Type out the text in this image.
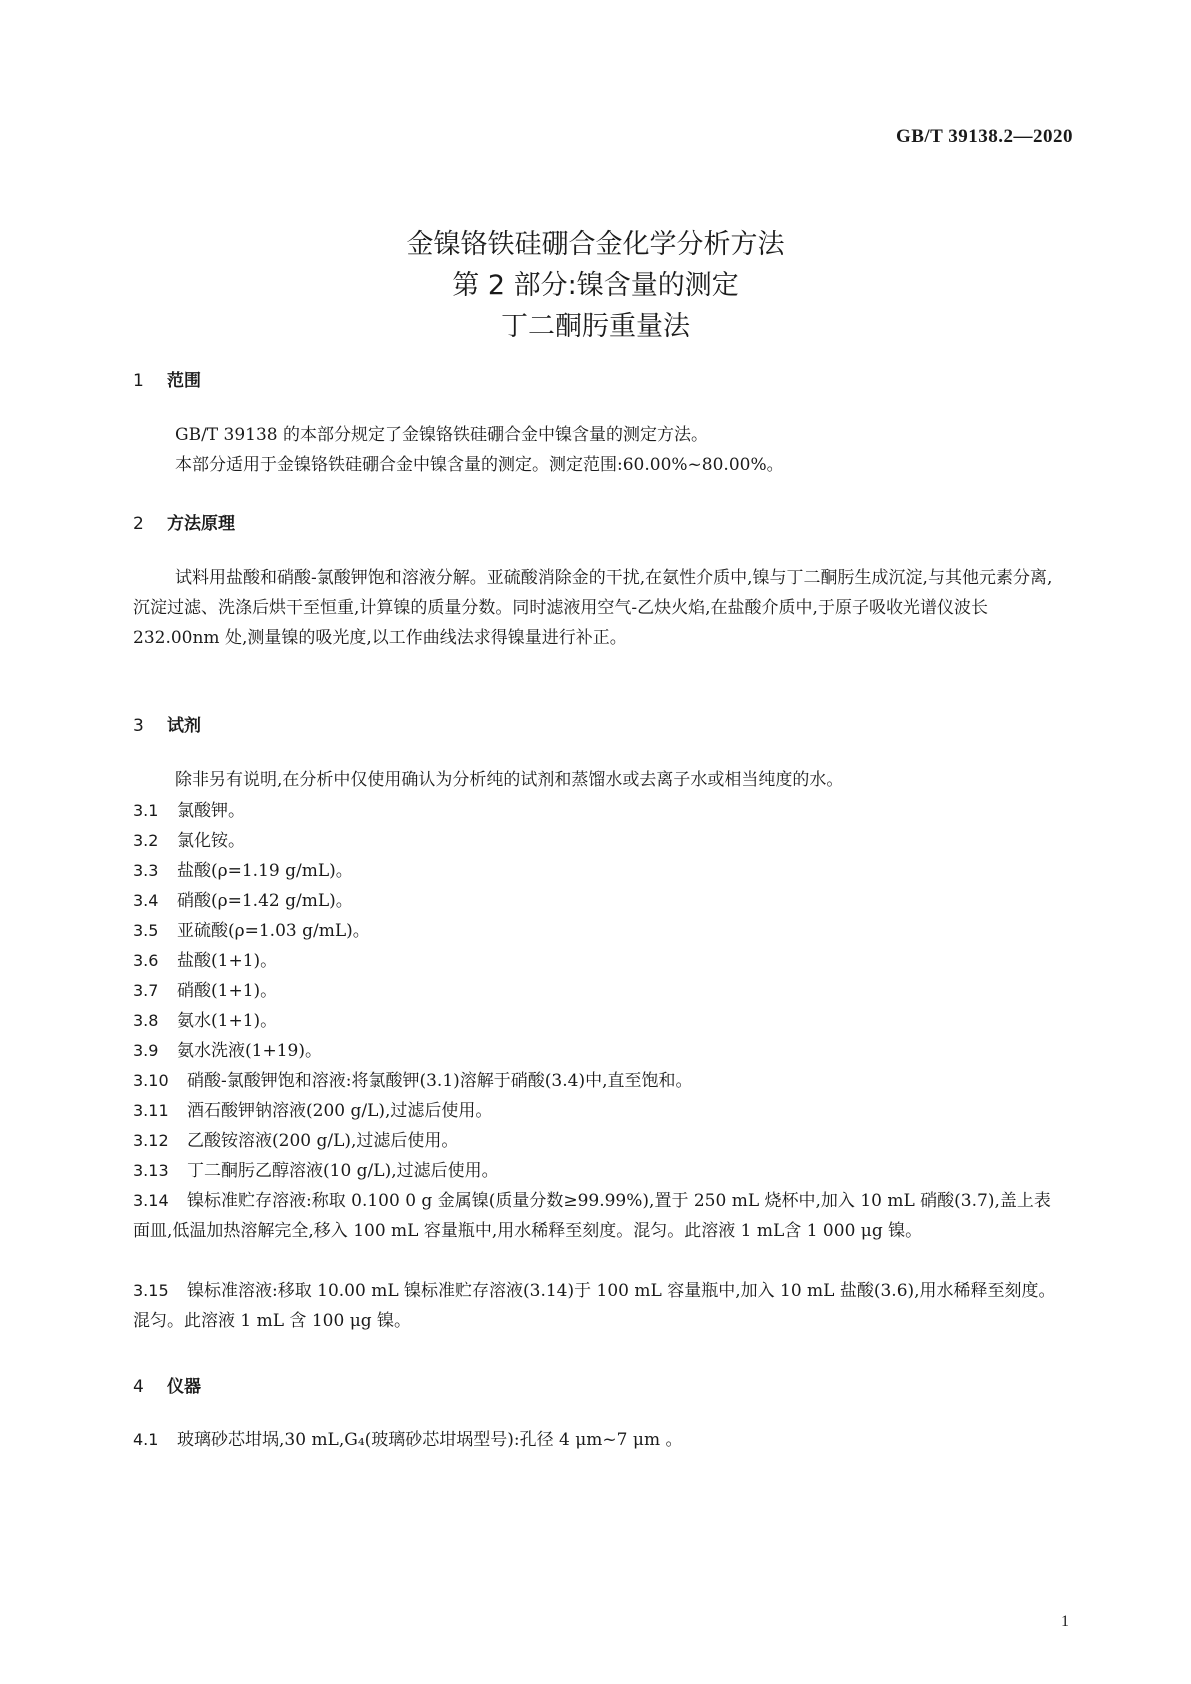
GB/T 39138.2—2020
金镍铬铁硅硼合金化学分析方法
第 2 部分:镍含量的测定
丁二酮肟重量法
1 范围
GB/T 39138 的本部分规定了金镍铬铁硅硼合金中镍含量的测定方法。
本部分适用于金镍铬铁硅硼合金中镍含量的测定。测定范围:60.00%~80.00%。
2 方法原理
试料用盐酸和硝酸-氯酸钾饱和溶液分解。亚硫酸消除金的干扰,在氨性介质中,镍与丁二酮肟生成沉淀,与其他元素分离,沉淀过滤、洗涤后烘干至恒重,计算镍的质量分数。同时滤液用空气-乙炔火焰,在盐酸介质中,于原子吸收光谱仪波长 232.00nm 处,测量镍的吸光度,以工作曲线法求得镍量进行补正。
3 试剂
除非另有说明,在分析中仅使用确认为分析纯的试剂和蒸馏水或去离子水或相当纯度的水。
3.1 氯酸钾。
3.2 氯化铵。
3.3 盐酸(ρ=1.19 g/mL)。
3.4 硝酸(ρ=1.42 g/mL)。
3.5 亚硫酸(ρ=1.03 g/mL)。
3.6 盐酸(1+1)。
3.7 硝酸(1+1)。
3.8 氨水(1+1)。
3.9 氨水洗液(1+19)。
3.10 硝酸-氯酸钾饱和溶液:将氯酸钾(3.1)溶解于硝酸(3.4)中,直至饱和。
3.11 酒石酸钾钠溶液(200 g/L),过滤后使用。
3.12 乙酸铵溶液(200 g/L),过滤后使用。
3.13 丁二酮肟乙醇溶液(10 g/L),过滤后使用。
3.14 镍标准贮存溶液:称取 0.100 0 g 金属镍(质量分数≥99.99%),置于 250 mL 烧杯中,加入 10 mL 硝酸(3.7),盖上表面皿,低温加热溶解完全,移入 100 mL 容量瓶中,用水稀释至刻度。混匀。此溶液 1 mL含 1 000 μg 镍。
3.15 镍标准溶液:移取 10.00 mL 镍标准贮存溶液(3.14)于 100 mL 容量瓶中,加入 10 mL 盐酸(3.6),用水稀释至刻度。混匀。此溶液 1 mL 含 100 μg 镍。
4 仪器
4.1 玻璃砂芯坩埚,30 mL,G₄(玻璃砂芯坩埚型号):孔径 4 μm~7 μm 。
1
